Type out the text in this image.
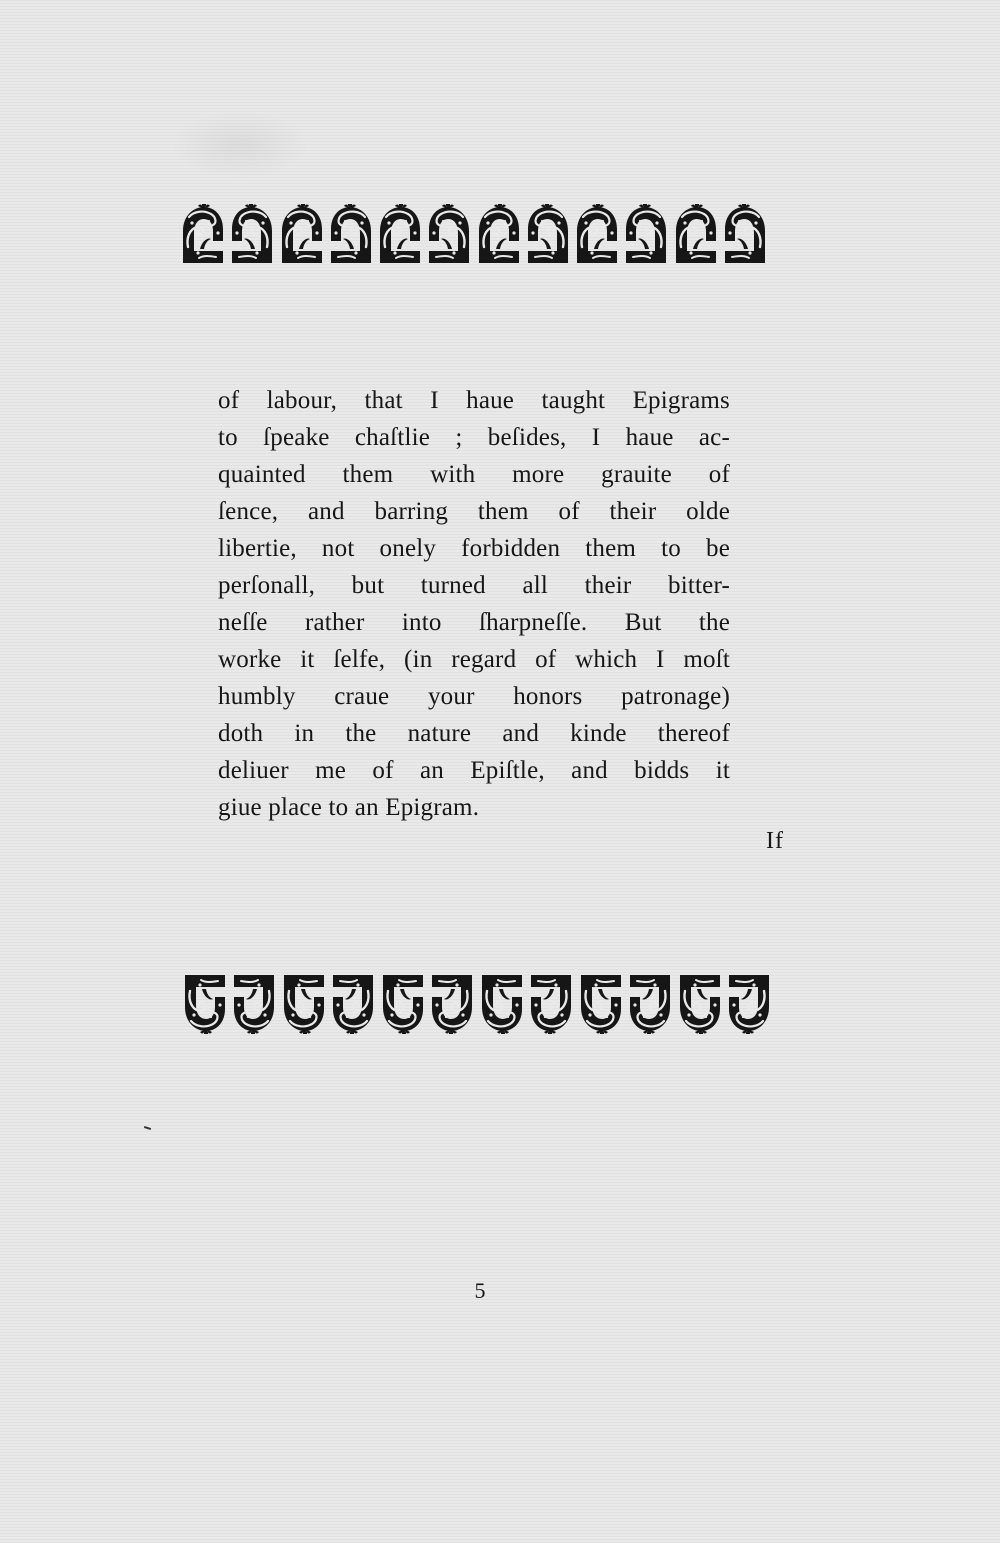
of labour, that I haue taught Epigrams
to ſpeake chaſtlie ; beſides, I haue ac-
quainted them with more grauite of
ſence, and barring them of their olde
libertie, not onely forbidden them to be
perſonall, but turned all their bitter-
neſſe rather into ſharpneſſe. But the
worke it ſelfe, (in regard of which I moſt
humbly craue your honors patronage)
doth in the nature and kinde thereof
deliuer me of an Epiſtle, and bidds it
giue place to an Epigram.
If
5
